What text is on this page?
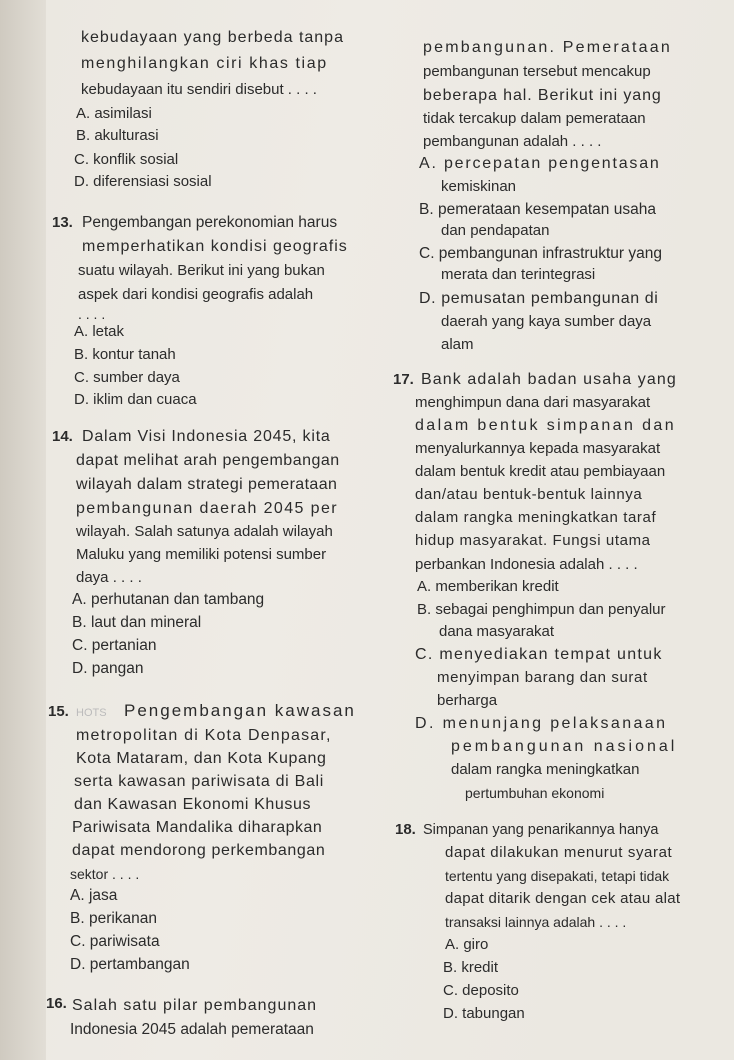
kebudayaan yang berbeda tanpa
menghilangkan ciri khas tiap
kebudayaan itu sendiri disebut . . . .
A. asimilasi
B. akulturasi
C. konflik sosial
D. diferensiasi sosial
13. Pengembangan perekonomian harus
memperhatikan kondisi geografis
suatu wilayah. Berikut ini yang bukan
aspek dari kondisi geografis adalah
. . . .
A. letak
B. kontur tanah
C. sumber daya
D. iklim dan cuaca
14. Dalam Visi Indonesia 2045, kita
dapat melihat arah pengembangan
wilayah dalam strategi pemerataan
pembangunan daerah 2045 per
wilayah. Salah satunya adalah wilayah
Maluku yang memiliki potensi sumber
daya . . . .
A. perhutanan dan tambang
B. laut dan mineral
C. pertanian
D. pangan
15. HOTS Pengembangan kawasan
metropolitan di Kota Denpasar,
Kota Mataram, dan Kota Kupang
serta kawasan pariwisata di Bali
dan Kawasan Ekonomi Khusus
Pariwisata Mandalika diharapkan
dapat mendorong perkembangan
sektor . . . .
A. jasa
B. perikanan
C. pariwisata
D. pertambangan
16. Salah satu pilar pembangunan
Indonesia 2045 adalah pemerataan
pembangunan. Pemerataan
pembangunan tersebut mencakup
beberapa hal. Berikut ini yang
tidak tercakup dalam pemerataan
pembangunan adalah . . . .
A. percepatan pengentasan
kemiskinan
B. pemerataan kesempatan usaha
dan pendapatan
C. pembangunan infrastruktur yang
merata dan terintegrasi
D. pemusatan pembangunan di
daerah yang kaya sumber daya
alam
17. Bank adalah badan usaha yang
menghimpun dana dari masyarakat
dalam bentuk simpanan dan
menyalurkannya kepada masyarakat
dalam bentuk kredit atau pembiayaan
dan/atau bentuk-bentuk lainnya
dalam rangka meningkatkan taraf
hidup masyarakat. Fungsi utama
perbankan Indonesia adalah . . . .
A. memberikan kredit
B. sebagai penghimpun dan penyalur
dana masyarakat
C. menyediakan tempat untuk
menyimpan barang dan surat
berharga
D. menunjang pelaksanaan
pembangunan nasional
dalam rangka meningkatkan
pertumbuhan ekonomi
18. Simpanan yang penarikannya hanya
dapat dilakukan menurut syarat
tertentu yang disepakati, tetapi tidak
dapat ditarik dengan cek atau alat
transaksi lainnya adalah . . . .
A. giro
B. kredit
C. deposito
D. tabungan
